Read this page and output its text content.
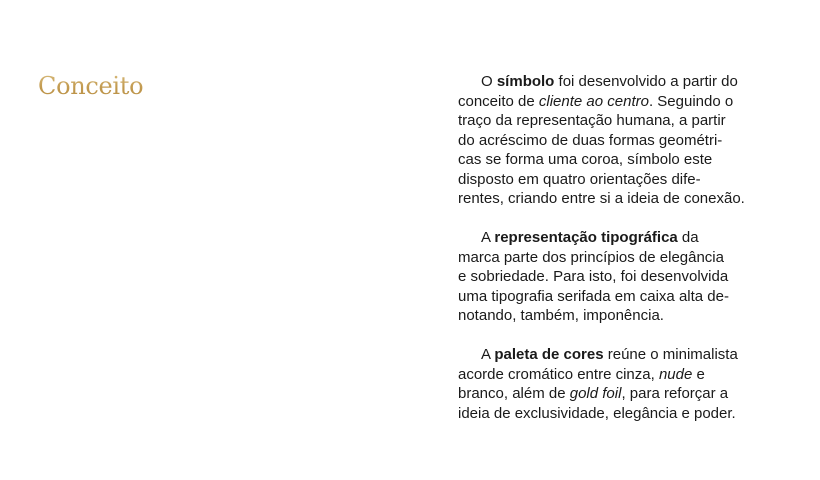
Conceito	O símbolo foi desenvolvido a partir do
conceito de cliente ao centro. Seguindo o
traço da representação humana, a partir
do acréscimo de duas formas geométri-
cas se forma uma coroa, símbolo este
disposto em quatro orientações dife-
rentes, criando entre si a ideia de conexão.

A representação tipográfica da
marca parte dos princípios de elegância
e sobriedade. Para isto, foi desenvolvida
uma tipografia serifada em caixa alta de-
notando, também, imponência.

A paleta de cores reúne o minimalista
acorde cromático entre cinza, nude e
branco, além de gold foil, para reforçar a
ideia de exclusividade, elegância e poder.
